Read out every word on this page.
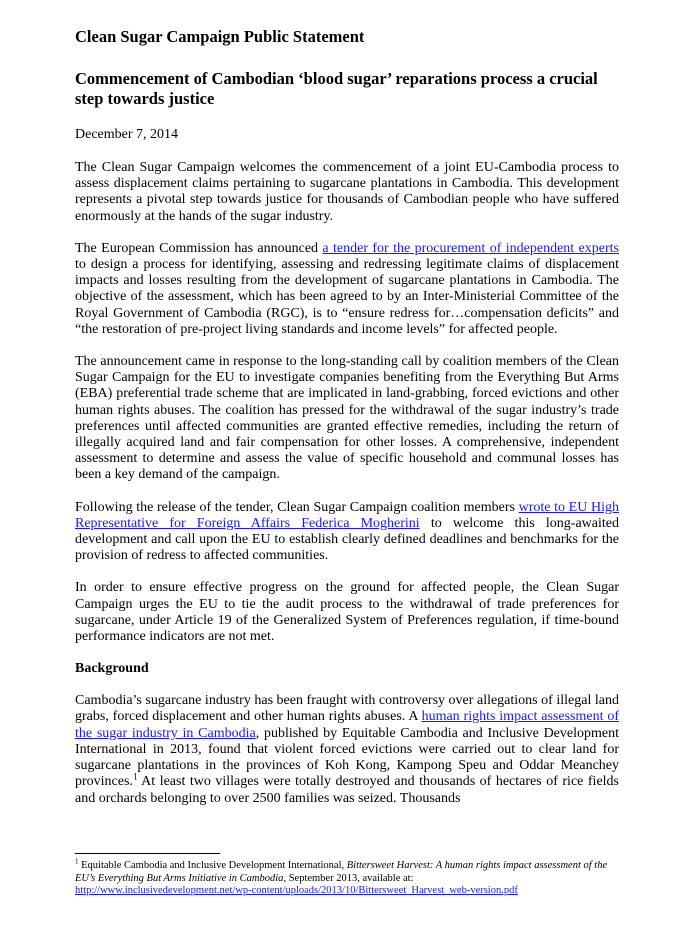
Clean Sugar Campaign Public Statement
Commencement of Cambodian ‘blood sugar’ reparations process a crucial step towards justice
December 7, 2014

The Clean Sugar Campaign welcomes the commencement of a joint EU-Cambodia process to assess displacement claims pertaining to sugarcane plantations in Cambodia. This development represents a pivotal step towards justice for thousands of Cambodian people who have suffered enormously at the hands of the sugar industry.

The European Commission has announced a tender for the procurement of independent experts to design a process for identifying, assessing and redressing legitimate claims of displacement impacts and losses resulting from the development of sugarcane plantations in Cambodia. The objective of the assessment, which has been agreed to by an Inter-Ministerial Committee of the Royal Government of Cambodia (RGC), is to “ensure redress for…compensation deficits” and “the restoration of pre-project living standards and income levels” for affected people.

The announcement came in response to the long-standing call by coalition members of the Clean Sugar Campaign for the EU to investigate companies benefiting from the Everything But Arms (EBA) preferential trade scheme that are implicated in land-grabbing, forced evictions and other human rights abuses. The coalition has pressed for the withdrawal of the sugar industry’s trade preferences until affected communities are granted effective remedies, including the return of illegally acquired land and fair compensation for other losses. A comprehensive, independent assessment to determine and assess the value of specific household and communal losses has been a key demand of the campaign.

Following the release of the tender, Clean Sugar Campaign coalition members wrote to EU High Representative for Foreign Affairs Federica Mogherini to welcome this long-awaited development and call upon the EU to establish clearly defined deadlines and benchmarks for the provision of redress to affected communities.

In order to ensure effective progress on the ground for affected people, the Clean Sugar Campaign urges the EU to tie the audit process to the withdrawal of trade preferences for sugarcane, under Article 19 of the Generalized System of Preferences regulation, if time-bound performance indicators are not met.

Background

Cambodia’s sugarcane industry has been fraught with controversy over allegations of illegal land grabs, forced displacement and other human rights abuses. A human rights impact assessment of the sugar industry in Cambodia, published by Equitable Cambodia and Inclusive Development International in 2013, found that violent forced evictions were carried out to clear land for sugarcane plantations in the provinces of Koh Kong, Kampong Speu and Oddar Meanchey provinces.$^1$ At least two villages were totally destroyed and thousands of hectares of rice fields and orchards belonging to over 2500 families was seized. Thousands

$^1$ Equitable Cambodia and Inclusive Development International, Bittersweet Harvest: A human rights impact assessment of the EU’s Everything But Arms Initiative in Cambodia, September 2013, available at:
http://www.inclusivedevelopment.net/wp-content/uploads/2013/10/Bittersweet_Harvest_web-version.pdf
